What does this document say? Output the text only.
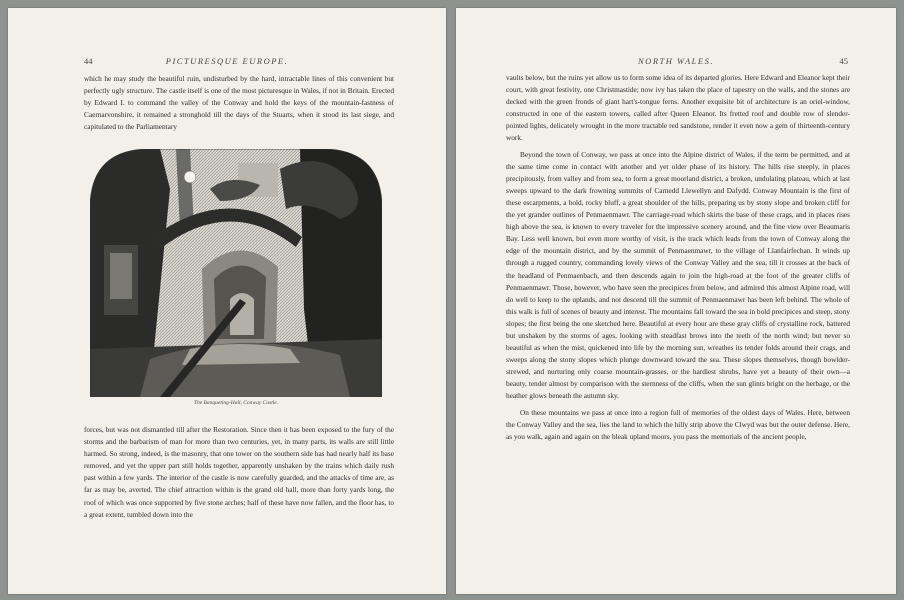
44	PICTURESQUE EUROPE.

which he may study the beautiful ruin, undisturbed by the hard, intractable lines of this convenient but perfectly ugly structure. The castle itself is one of the most picturesque in Wales, if not in Britain. Erected by Edward I. to command the valley of the Conway and hold the keys of the mountain-fastness of Caernarvonshire, it remained a stronghold till the days of the Stuarts, when it stood its last siege, and capitulated to the Parliamentary

The Banqueting-Hall, Conway Castle.

forces, but was not dismantled till after the Restoration. Since then it has been exposed to the fury of the storms and the barbarism of man for more than two centuries, yet, in many parts, its walls are still little harmed. So strong, indeed, is the masonry, that one tower on the southern side has had nearly half its base removed, and yet the upper part still holds together, apparently unshaken by the trains which daily rush past within a few yards. The interior of the castle is now carefully guarded, and the attacks of time are, as far as may be, averted. The chief attraction within is the grand old hall, more than forty yards long, the roof of which was once supported by five stone arches; half of these have now fallen, and the floor has, to a great extent, tumbled down into the

NORTH WALES.	45

vaults below, but the ruins yet allow us to form some idea of its departed glories. Here Edward and Eleanor kept their court, with great festivity, one Christmastide; now ivy has taken the place of tapestry on the walls, and the stones are decked with the green fronds of giant hart's-tongue ferns. Another exquisite bit of architecture is an oriel-window, constructed in one of the eastern towers, called after Queen Eleanor. Its fretted roof and double row of slender-pointed lights, delicately wrought in the more tractable red sandstone, render it even now a gem of thirteenth-century work.

Beyond the town of Conway, we pass at once into the Alpine district of Wales, if the term be permitted, and at the same time come in contact with another and yet older phase of its history. The hills rise steeply, in places precipitously, from valley and from sea, to form a great moorland district, a broken, undulating plateau, which at last sweeps upward to the dark frowning summits of Carnedd Llewellyn and Dafydd. Conway Mountain is the first of these escarpments, a bold, rocky bluff, a great shoulder of the hills, preparing us by stony slope and broken cliff for the yet grander outlines of Penmaenmawr. The carriage-road which skirts the base of these crags, and in places rises high above the sea, is known to every traveler for the impressive scenery around, and the fine view over Beaumaris Bay. Less well known, but even more worthy of visit, is the track which leads from the town of Conway along the edge of the mountain district, and by the summit of Penmaenmawr, to the village of Llanfairfechan. It winds up through a rugged country, commanding lovely views of the Conway Valley and the sea, till it crosses at the back of the headland of Penmaenbach, and then descends again to join the high-road at the foot of the greater cliffs of Penmaenmawr. Those, however, who have seen the precipices from below, and admired this almost Alpine road, will do well to keep to the uplands, and not descend till the summit of Penmaenmawr has been left behind. The whole of this walk is full of scenes of beauty and interest. The mountains fall toward the sea in bold precipices and steep, stony slopes; the first being the one sketched here. Beautiful at every hour are these gray cliffs of crystalline rock, battered but unshaken by the storms of ages, looking with steadfast brows into the teeth of the north wind; but never so beautiful as when the mist, quickened into life by the morning sun, wreathes its tender folds around their crags, and sweeps along the stony slopes which plunge downward toward the sea. These slopes themselves, though bowlder-strewed, and nurturing only coarse mountain-grasses, or the hardiest shrubs, have yet a beauty of their own—a beauty, tender almost by comparison with the sternness of the cliffs, when the sun glints bright on the herbage, or the heather glows beneath the autumn sky.

On these mountains we pass at once into a region full of memories of the oldest days of Wales. Here, between the Conway Valley and the sea, lies the land to which the hilly strip above the Clwyd was but the outer defense. Here, as you walk, again and again on the bleak upland moors, you pass the memorials of the ancient people,
